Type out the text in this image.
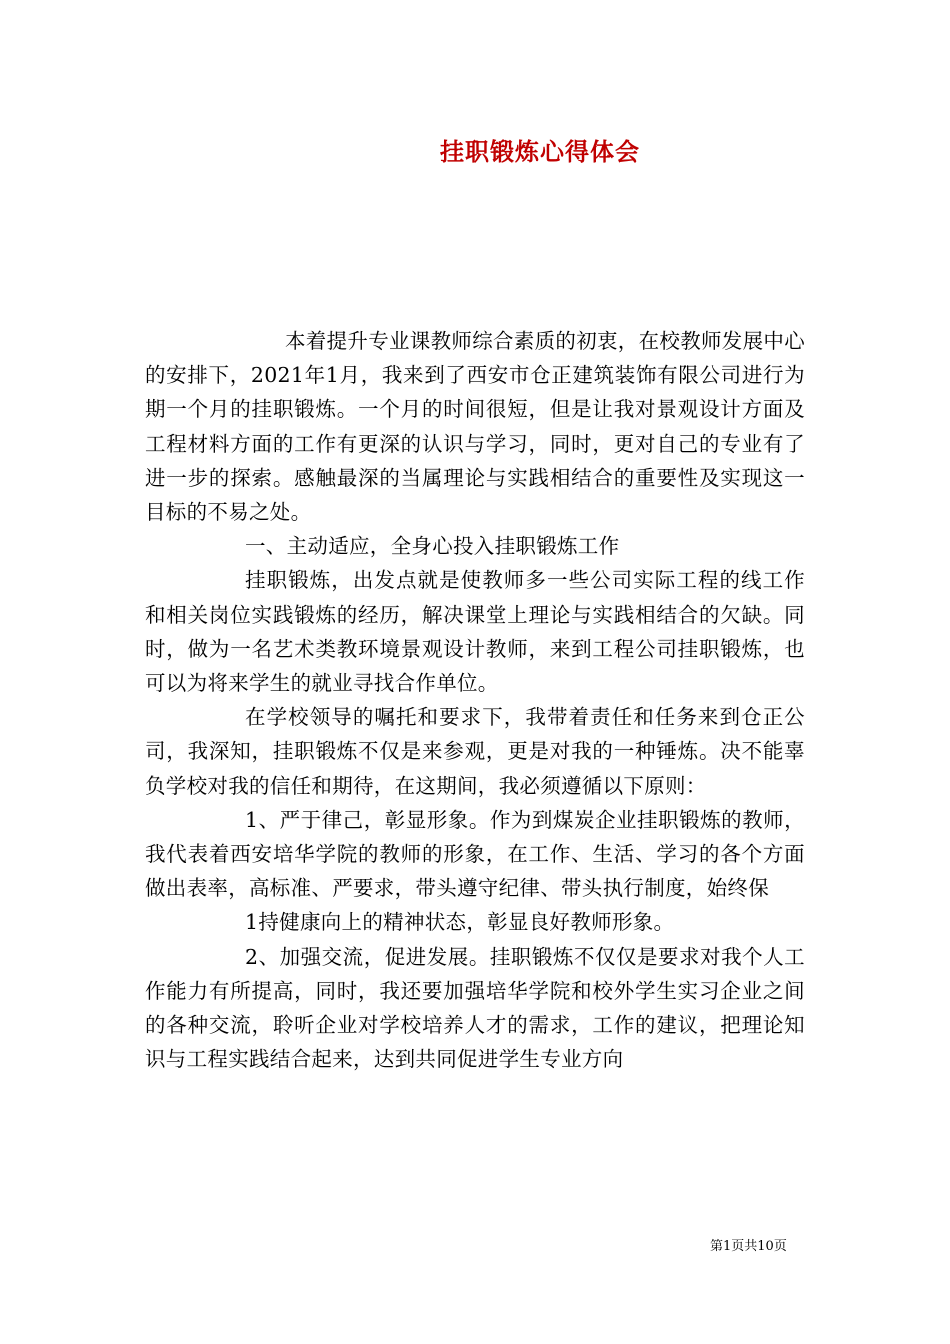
挂职锻炼心得体会

本着提升专业课教师综合素质的初衷，在校教师发展中心的安排下，2021年1月，我来到了西安市仓正建筑装饰有限公司进行为期一个月的挂职锻炼。一个月的时间很短，但是让我对景观设计方面及工程材料方面的工作有更深的认识与学习，同时，更对自己的专业有了进一步的探索。感触最深的当属理论与实践相结合的重要性及实现这一目标的不易之处。

一、主动适应，全身心投入挂职锻炼工作

挂职锻炼，出发点就是使教师多一些公司实际工程的线工作和相关岗位实践锻炼的经历，解决课堂上理论与实践相结合的欠缺。同时，做为一名艺术类教环境景观设计教师，来到工程公司挂职锻炼，也可以为将来学生的就业寻找合作单位。

在学校领导的嘱托和要求下，我带着责任和任务来到仓正公司，我深知，挂职锻炼不仅是来参观，更是对我的一种锤炼。决不能辜负学校对我的信任和期待，在这期间，我必须遵循以下原则：

1、严于律己，彰显形象。作为到煤炭企业挂职锻炼的教师，我代表着西安培华学院的教师的形象，在工作、生活、学习的各个方面做出表率，高标准、严要求，带头遵守纪律、带头执行制度，始终保

1持健康向上的精神状态，彰显良好教师形象。

2、加强交流，促进发展。挂职锻炼不仅仅是要求对我个人工作能力有所提高，同时，我还要加强培华学院和校外学生实习企业之间的各种交流，聆听企业对学校培养人才的需求，工作的建议，把理论知识与工程实践结合起来，达到共同促进学生专业方向

第1页共10页
